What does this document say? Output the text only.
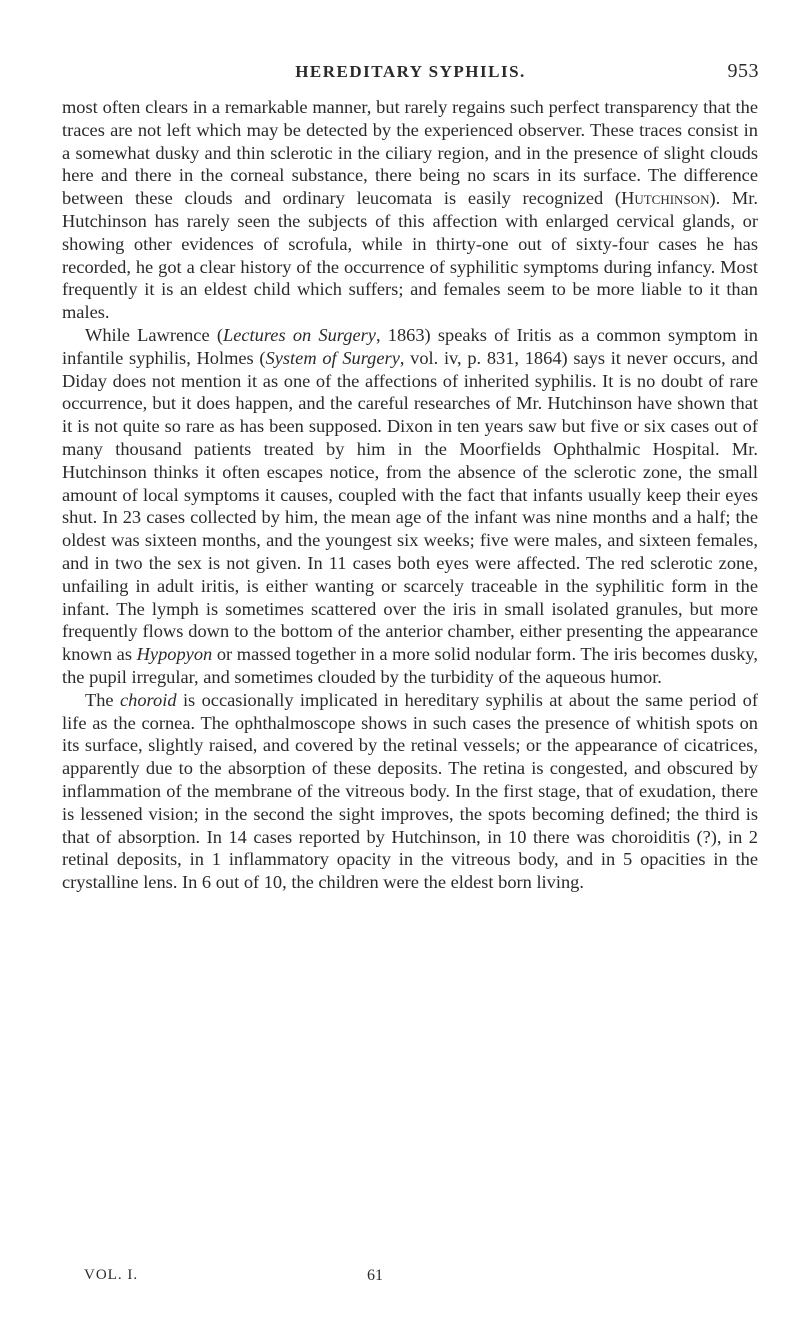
HEREDITARY SYPHILIS.	953

most often clears in a remarkable manner, but rarely regains such perfect transparency that the traces are not left which may be detected by the experienced observer. These traces consist in a somewhat dusky and thin sclerotic in the ciliary region, and in the presence of slight clouds here and there in the corneal substance, there being no scars in its surface. The difference between these clouds and ordinary leucomata is easily recognized (Hutchinson). Mr. Hutchinson has rarely seen the subjects of this affection with enlarged cervical glands, or showing other evidences of scrofula, while in thirty-one out of sixty-four cases he has recorded, he got a clear history of the occurrence of syphilitic symptoms during infancy. Most frequently it is an eldest child which suffers; and females seem to be more liable to it than males.

While Lawrence (Lectures on Surgery, 1863) speaks of Iritis as a common symptom in infantile syphilis, Holmes (System of Surgery, vol. iv, p. 831, 1864) says it never occurs, and Diday does not mention it as one of the affections of inherited syphilis. It is no doubt of rare occurrence, but it does happen, and the careful researches of Mr. Hutchinson have shown that it is not quite so rare as has been supposed. Dixon in ten years saw but five or six cases out of many thousand patients treated by him in the Moorfields Ophthalmic Hospital. Mr. Hutchinson thinks it often escapes notice, from the absence of the sclerotic zone, the small amount of local symptoms it causes, coupled with the fact that infants usually keep their eyes shut. In 23 cases collected by him, the mean age of the infant was nine months and a half; the oldest was sixteen months, and the youngest six weeks; five were males, and sixteen females, and in two the sex is not given. In 11 cases both eyes were affected. The red sclerotic zone, unfailing in adult iritis, is either wanting or scarcely traceable in the syphilitic form in the infant. The lymph is sometimes scattered over the iris in small isolated granules, but more frequently flows down to the bottom of the anterior chamber, either presenting the appearance known as Hypopyon or massed together in a more solid nodular form. The iris becomes dusky, the pupil irregular, and sometimes clouded by the turbidity of the aqueous humor.

The choroid is occasionally implicated in hereditary syphilis at about the same period of life as the cornea. The ophthalmoscope shows in such cases the presence of whitish spots on its surface, slightly raised, and covered by the retinal vessels; or the appearance of cicatrices, apparently due to the absorption of these deposits. The retina is congested, and obscured by inflammation of the membrane of the vitreous body. In the first stage, that of exudation, there is lessened vision; in the second the sight improves, the spots becoming defined; the third is that of absorption. In 14 cases reported by Hutchinson, in 10 there was choroiditis (?), in 2 retinal deposits, in 1 inflammatory opacity in the vitreous body, and in 5 opacities in the crystalline lens. In 6 out of 10, the children were the eldest born living.

VOL. I.	61
